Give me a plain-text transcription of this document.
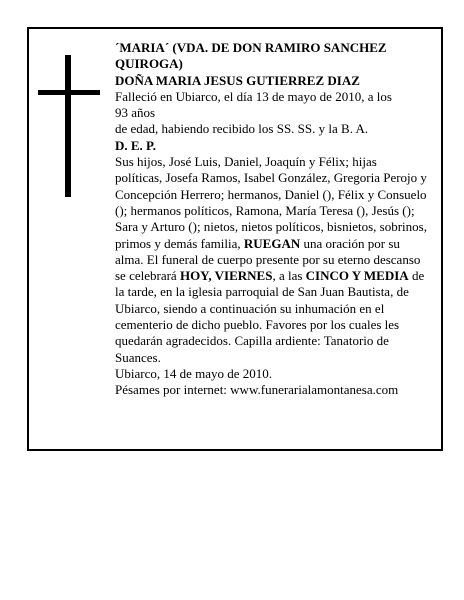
´MARIA´ (VDA. DE DON RAMIRO SANCHEZ

QUIROGA)

DOÑA MARIA JESUS GUTIERREZ DIAZ

Falleció en Ubiarco, el día 13 de mayo de 2010, a los

93 años

de edad, habiendo recibido los SS. SS. y la B. A.

D. E. P.

Sus hijos, José Luis, Daniel, Joaquín y Félix; hijas políticas, Josefa Ramos, Isabel González, Gregoria Perojo y Concepción Herrero; hermanos, Daniel (), Félix y Consuelo (); hermanos políticos, Ramona, María Teresa (), Jesús (); Sara y Arturo (); nietos, nietos políticos, bisnietos, sobrinos, primos y demás familia, RUEGAN una oración por su alma. El funeral de cuerpo presente por su eterno descanso se celebrará HOY, VIERNES, a las CINCO Y MEDIA de la tarde, en la iglesia parroquial de San Juan Bautista, de Ubiarco, siendo a continuación su inhumación en el cementerio de dicho pueblo. Favores por los cuales les quedarán agradecidos. Capilla ardiente: Tanatorio de Suances.

Ubiarco, 14 de mayo de 2010.

Pésames por internet: www.funerarialamontanesa.com
